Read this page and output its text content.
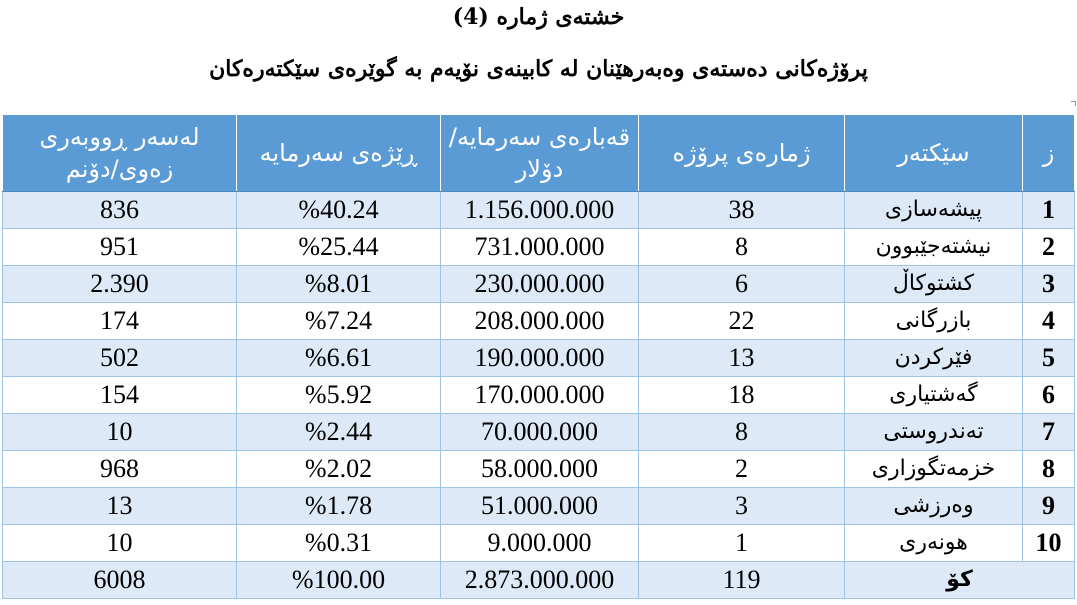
خشتەی ژمارە (4)
پرۆژەکانی دەستەی وەبەرهێنان لە کابینەی نۆیەم بە گوێرەی سێکتەرەکان
ز	سێکتەر	ژمارەی پرۆژە	قەبارەی سەرمایە/دۆلار	ڕێژەی سەرمایە	لەسەر ڕووبەری زەوی/دۆنم
1	پیشەسازی	38	1.156.000.000	%40.24	836
2	نیشتەجێبوون	8	731.000.000	%25.44	951
3	کشتوکاڵ	6	230.000.000	%8.01	2.390
4	بازرگانی	22	208.000.000	%7.24	174
5	فێرکردن	13	190.000.000	%6.61	502
6	گەشتیاری	18	170.000.000	%5.92	154
7	تەندروستی	8	70.000.000	%2.44	10
8	خزمەتگوزاری	2	58.000.000	%2.02	968
9	وەرزشی	3	51.000.000	%1.78	13
10	هونەری	1	9.000.000	%0.31	10
کۆ		119	2.873.000.000	%100.00	6008
